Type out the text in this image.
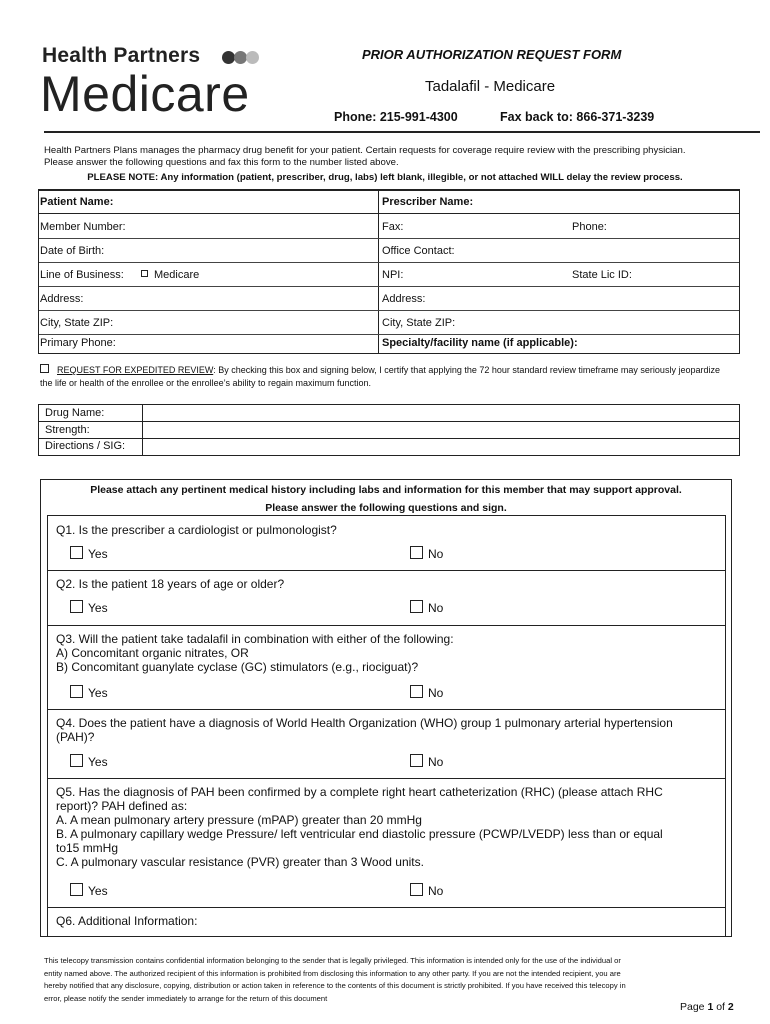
Health Partners
Medicare
PRIOR AUTHORIZATION REQUEST FORM
Tadalafil - Medicare
Phone: 215-991-4300	Fax back to: 866-371-3239
Health Partners Plans manages the pharmacy drug benefit for your patient. Certain requests for coverage require review with the prescribing physician.
Please answer the following questions and fax this form to the number listed above.
PLEASE NOTE: Any information (patient, prescriber, drug, labs) left blank, illegible, or not attached WILL delay the review process.
Patient Name:	Prescriber Name:
Member Number:	Fax:	Phone:
Date of Birth:	Office Contact:
Line of Business:	Medicare	NPI:	State Lic ID:
Address:	Address:
City, State ZIP:	City, State ZIP:
Primary Phone:	Specialty/facility name (if applicable):
REQUEST FOR EXPEDITED REVIEW: By checking this box and signing below, I certify that applying the 72 hour standard review timeframe may seriously jeopardize
the life or health of the enrollee or the enrollee’s ability to regain maximum function.
Drug Name:
Strength:
Directions / SIG:
Please attach any pertinent medical history including labs and information for this member that may support approval.
Please answer the following questions and sign.
Q1. Is the prescriber a cardiologist or pulmonologist?
Yes	No
Q2. Is the patient 18 years of age or older?
Yes	No
Q3. Will the patient take tadalafil in combination with either of the following:
A) Concomitant organic nitrates, OR
B) Concomitant guanylate cyclase (GC) stimulators (e.g., riociguat)?
Yes	No
Q4. Does the patient have a diagnosis of World Health Organization (WHO) group 1 pulmonary arterial hypertension
(PAH)?
Yes	No
Q5. Has the diagnosis of PAH been confirmed by a complete right heart catheterization (RHC) (please attach RHC
report)? PAH defined as:
A. A mean pulmonary artery pressure (mPAP) greater than 20 mmHg
B. A pulmonary capillary wedge Pressure/ left ventricular end diastolic pressure (PCWP/LVEDP) less than or equal
to15 mmHg
C. A pulmonary vascular resistance (PVR) greater than 3 Wood units.
Yes	No
Q6. Additional Information:
This telecopy transmission contains confidential information belonging to the sender that is legally privileged. This information is intended only for the use of the individual or
entity named above. The authorized recipient of this information is prohibited from disclosing this information to any other party. If you are not the intended recipient, you are
hereby notified that any disclosure, copying, distribution or action taken in reference to the contents of this document is strictly prohibited. If you have received this telecopy in
error, please notify the sender immediately to arrange for the return of this document
Page 1 of 2
